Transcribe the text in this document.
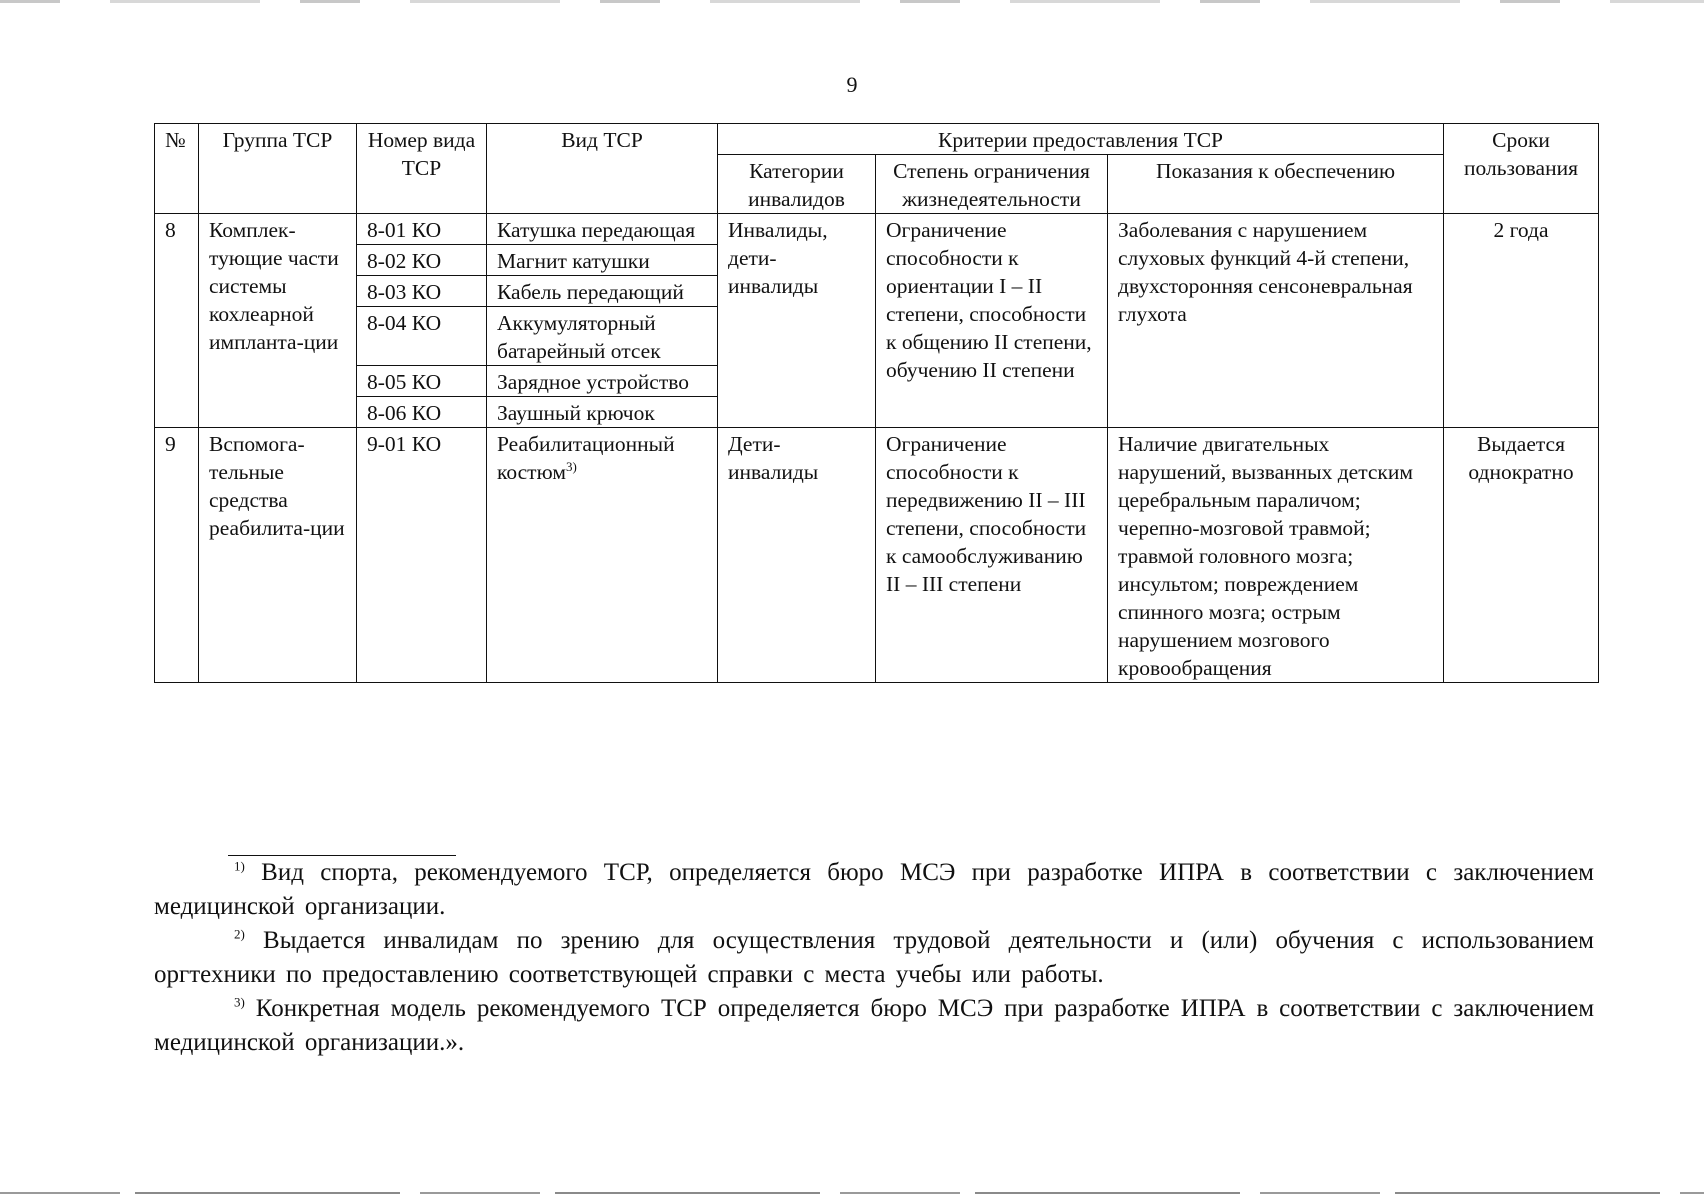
9
№	Группа ТСР	Номер вида ТСР	Вид ТСР	Критерии предоставления ТСР			Сроки пользования
				Категории инвалидов	Степень ограничения жизнедеятельности	Показания к обеспечению	
8	Комплек-тующие части системы кохлеарной импланта-ции	8-01 КО	Катушка передающая	Инвалиды, дети-инвалиды	Ограничение способности к ориентации I – II степени, способности к общению II степени, обучению II степени	Заболевания с нарушением слуховых функций 4-й степени, двухсторонняя сенсоневральная глухота	2 года
		8-02 КО	Магнит катушки				
		8-03 КО	Кабель передающий				
		8-04 КО	Аккумуляторный батарейный отсек				
		8-05 КО	Зарядное устройство				
		8-06 КО	Заушный крючок				
9	Вспомога-тельные средства реабилита-ции	9-01 КО	Реабилитационный костюм$^{3)}$	Дети-инвалиды	Ограничение способности к передвижению II – III степени, способности к самообслуживанию II – III степени	Наличие двигательных нарушений, вызванных детским церебральным параличом; черепно-мозговой травмой; травмой головного мозга; инсультом; повреждением спинного мозга; острым нарушением мозгового кровообращения	Выдается однократно

$^{1)}$ Вид спорта, рекомендуемого ТСР, определяется бюро МСЭ при разработке ИПРА в соответствии с заключением медицинской организации.

$^{2)}$ Выдается инвалидам по зрению для осуществления трудовой деятельности и (или) обучения с использованием оргтехники по предоставлению соответствующей справки с места учебы или работы.

$^{3)}$ Конкретная модель рекомендуемого ТСР определяется бюро МСЭ при разработке ИПРА в соответствии с заключением медицинской организации.».
